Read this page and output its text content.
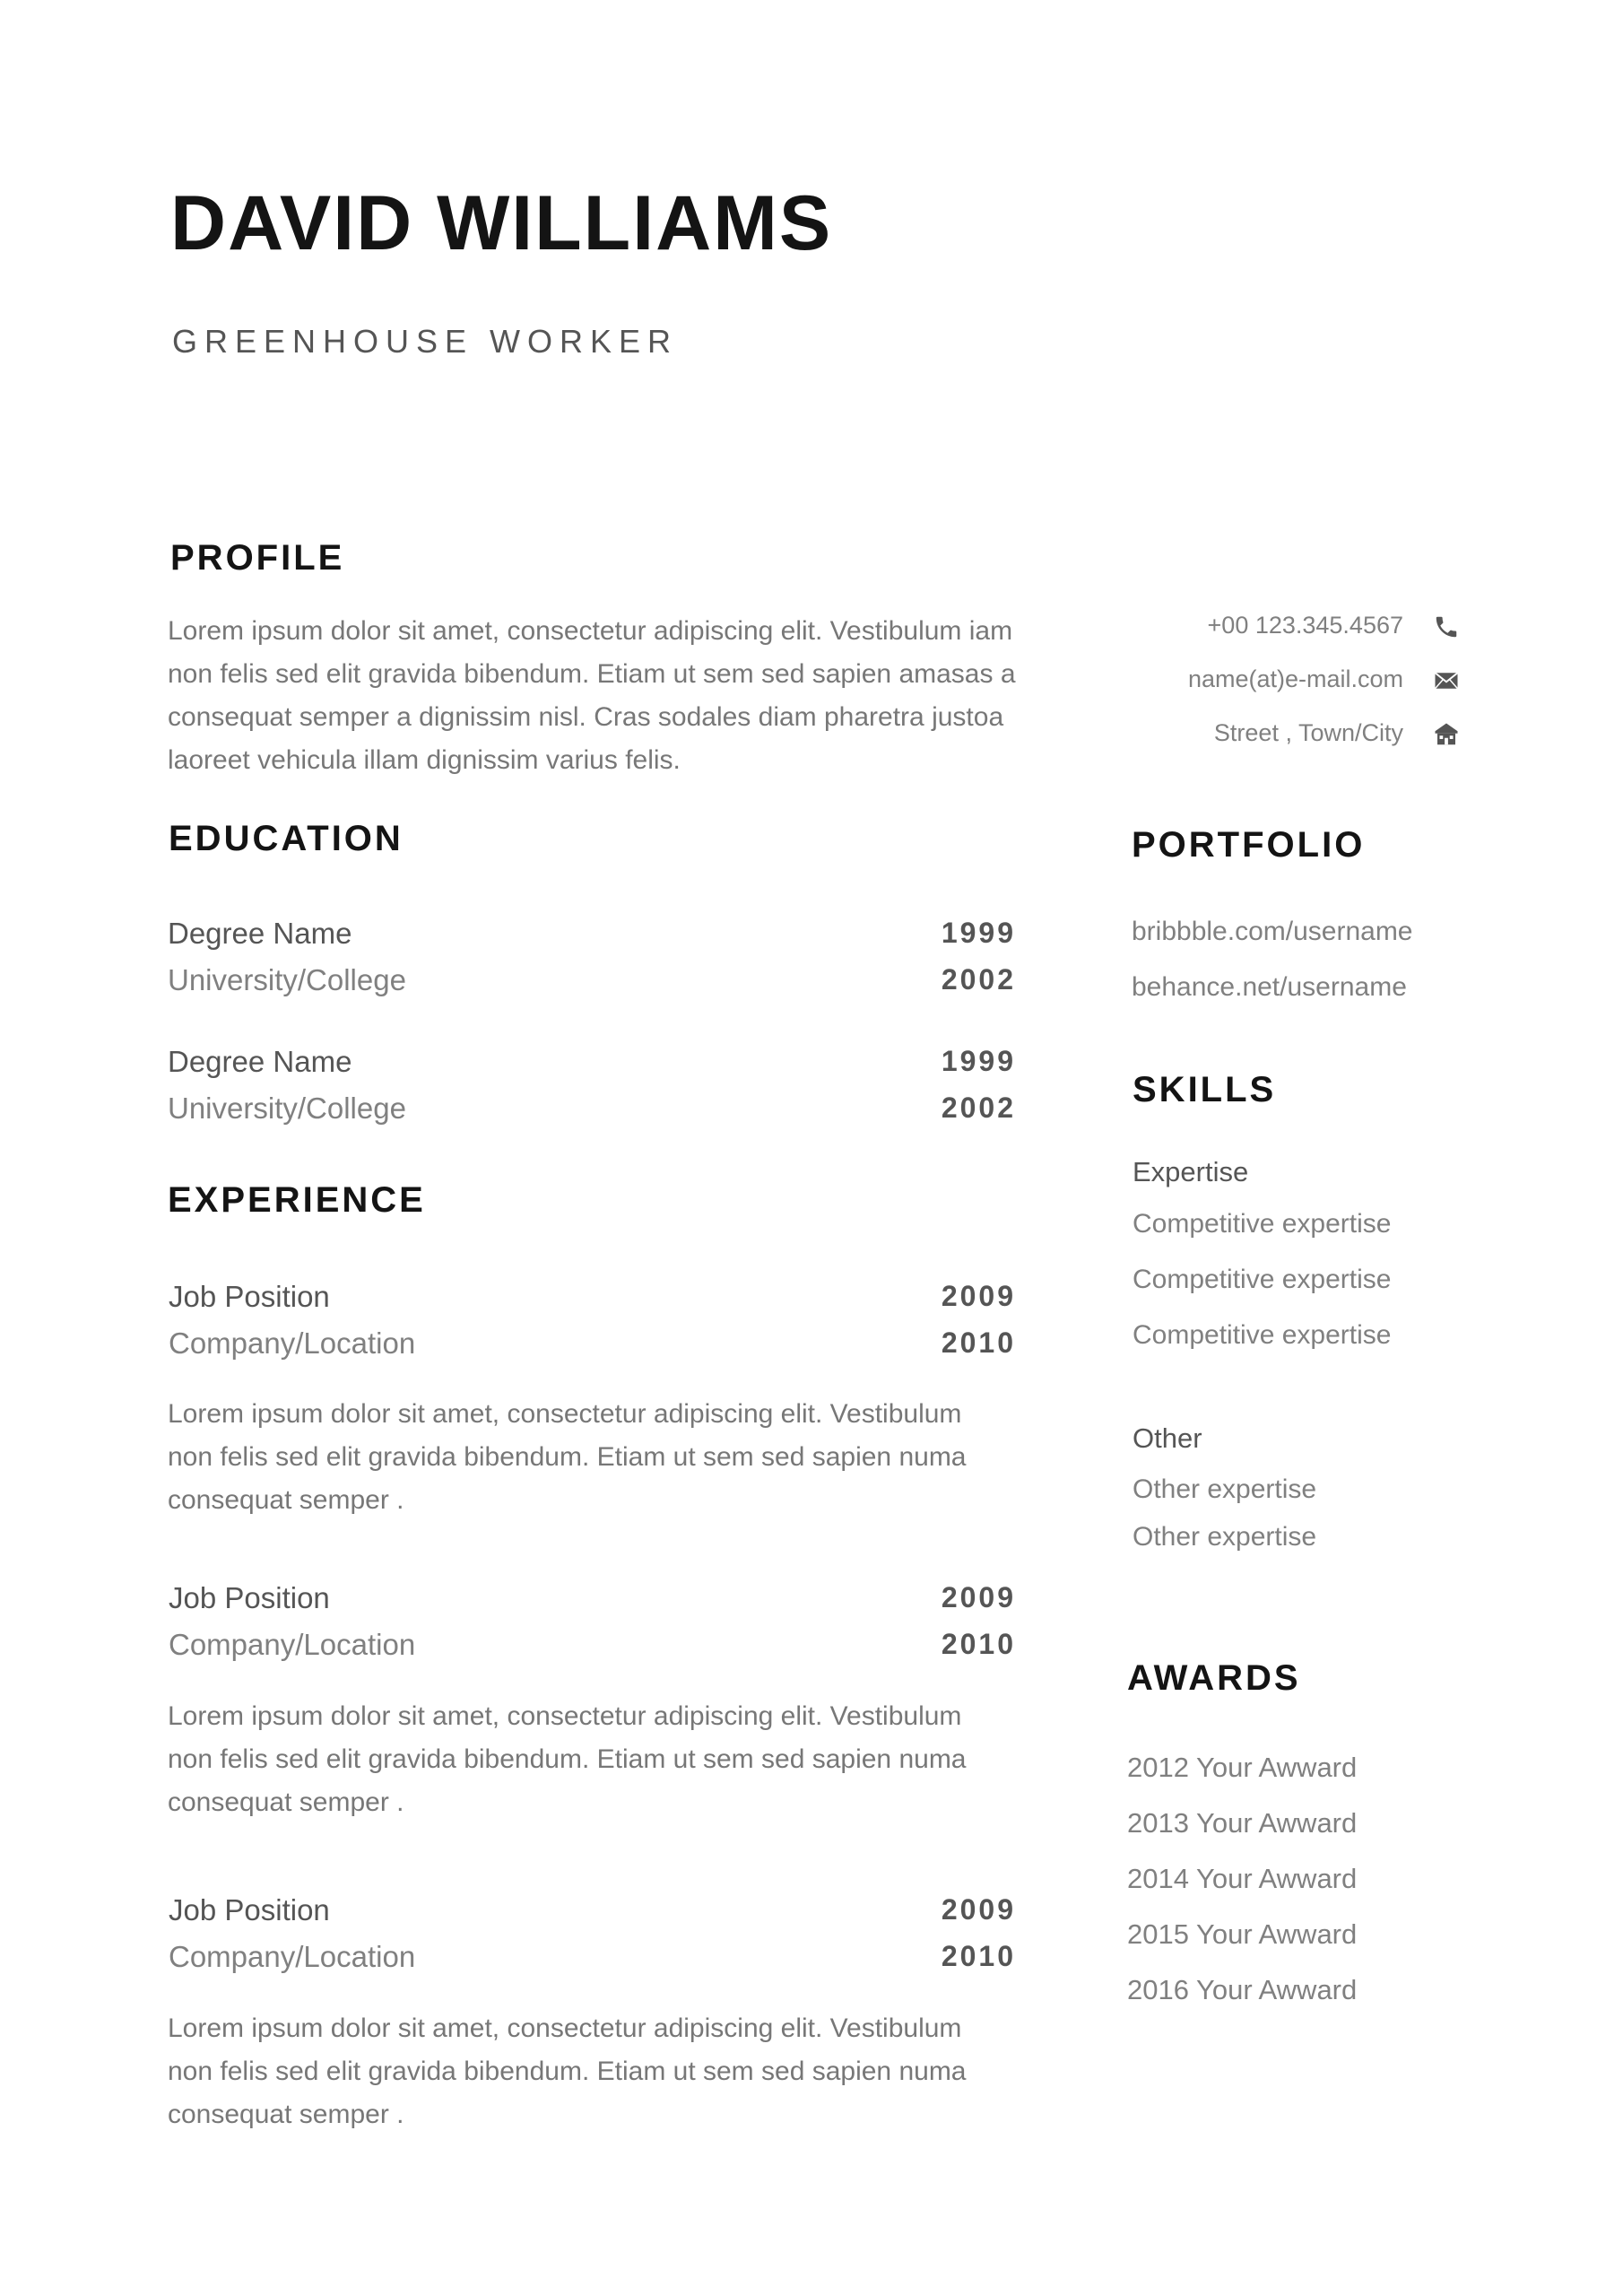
DAVID WILLIAMS
GREENHOUSE WORKER
PROFILE
Lorem ipsum dolor sit amet, consectetur adipiscing elit. Vestibulum iam
non felis sed elit gravida bibendum. Etiam ut sem sed sapien amasas a
consequat semper a dignissim nisl. Cras sodales diam pharetra justoa
laoreet vehicula illam dignissim varius felis.
+00 123.345.4567
name(at)e-mail.com
Street , Town/City
EDUCATION
Degree Name	1999
University/College	2002
Degree Name	1999
University/College	2002
EXPERIENCE
Job Position	2009
Company/Location	2010
Lorem ipsum dolor sit amet, consectetur adipiscing elit. Vestibulum
non felis sed elit gravida bibendum. Etiam ut sem sed sapien numa
consequat semper .
Job Position	2009
Company/Location	2010
Lorem ipsum dolor sit amet, consectetur adipiscing elit. Vestibulum
non felis sed elit gravida bibendum. Etiam ut sem sed sapien numa
consequat semper .
Job Position	2009
Company/Location	2010
Lorem ipsum dolor sit amet, consectetur adipiscing elit. Vestibulum
non felis sed elit gravida bibendum. Etiam ut sem sed sapien numa
consequat semper .
PORTFOLIO
bribbble.com/username
behance.net/username
SKILLS
Expertise
Competitive expertise
Competitive expertise
Competitive expertise
Other
Other expertise
Other expertise
AWARDS
2012 Your Awward
2013 Your Awward
2014 Your Awward
2015 Your Awward
2016 Your Awward
